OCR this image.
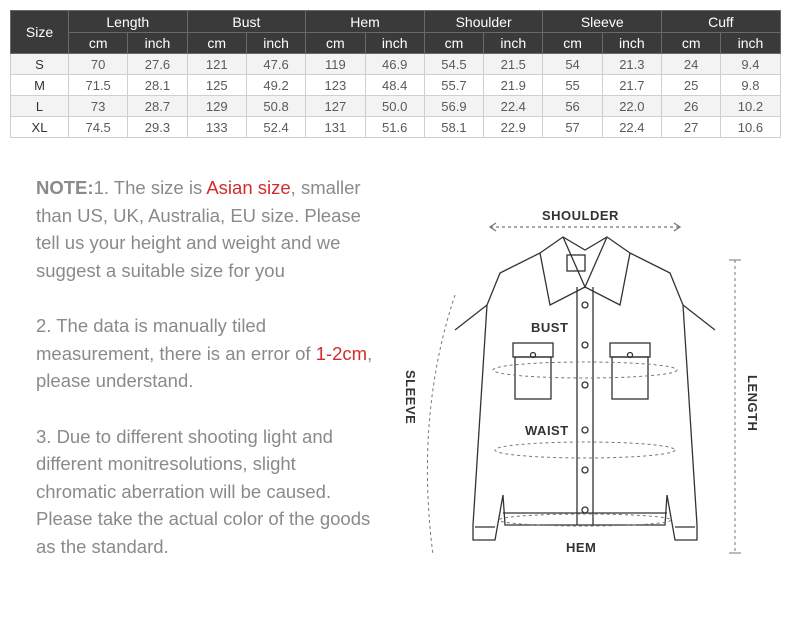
Size	Length		Bust		Hem		Shoulder		Sleeve		Cuff	
	cm	inch	cm	inch	cm	inch	cm	inch	cm	inch	cm	inch
S	70	27.6	121	47.6	119	46.9	54.5	21.5	54	21.3	24	9.4
M	71.5	28.1	125	49.2	123	48.4	55.7	21.9	55	21.7	25	9.8
L	73	28.7	129	50.8	127	50.0	56.9	22.4	56	22.0	26	10.2
XL	74.5	29.3	133	52.4	131	51.6	58.1	22.9	57	22.4	27	10.6

NOTE:1. The size is Asian size, smaller than US, UK, Australia, EU size. Please tell us your height and weight and we suggest a suitable size for you

2. The data is manually tiled measurement, there is an error of 1-2cm, please understand.

3. Due to different shooting light and different monitresolutions, slight chromatic aberration will be caused. Please take the actual color of the goods as the standard.

SHOULDER
BUST
WAIST
HEM
SLEEVE	LENGTH
